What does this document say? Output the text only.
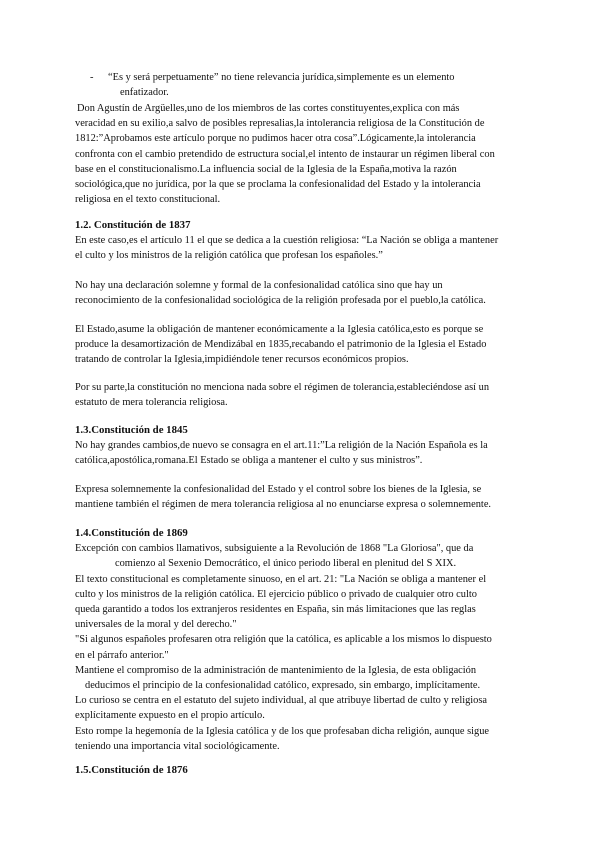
- “Es y será perpetuamente” no tiene relevancia jurídica,simplemente es un elemento
enfatizador.
Don Agustín de Argüelles,uno de los miembros de las cortes constituyentes,explica con más
veracidad en su exilio,a salvo de posibles represalias,la intolerancia religiosa de la Constitución de
1812:”Aprobamos este artículo porque no pudimos hacer otra cosa”.Lógicamente,la intolerancia
confronta con el cambio pretendido de estructura social,el intento de instaurar un régimen liberal con
base en el constitucionalismo.La influencia social de la Iglesia de la España,motiva la razón
sociológica,que no jurídica, por la que se proclama la confesionalidad del Estado y la intolerancia
religiosa en el texto constitucional.
1.2. Constitución de 1837
En este caso,es el artículo 11 el que se dedica a la cuestión religiosa: “La Nación se obliga a mantener
el culto y los ministros de la religión católica que profesan los españoles.”
No hay una declaración solemne y formal de la confesionalidad católica sino que hay un
reconocimiento de la confesionalidad sociológica de la religión profesada por el pueblo,la católica.
El Estado,asume la obligación de mantener económicamente a la Iglesia católica,esto es porque se
produce la desamortización de Mendizábal en 1835,recabando el patrimonio de la Iglesia el Estado
tratando de controlar la Iglesia,impidiéndole tener recursos económicos propios.
Por su parte,la constitución no menciona nada sobre el régimen de tolerancia,estableciéndose así un
estatuto de mera tolerancia religiosa.
1.3.Constitución de 1845
No hay grandes cambios,de nuevo se consagra en el art.11:”La religión de la Nación Española es la
católica,apostólica,romana.El Estado se obliga a mantener el culto y sus ministros”.
Expresa solemnemente la confesionalidad del Estado y el control sobre los bienes de la Iglesia, se
mantiene también el régimen de mera tolerancia religiosa al no enunciarse expresa o solemnemente.
1.4.Constitución de 1869
Excepción con cambios llamativos, subsiguiente a la Revolución de 1868 "La Gloriosa", que da
comienzo al Sexenio Democrático, el único periodo liberal en plenitud del S XIX.
El texto constitucional es completamente sinuoso, en el art. 21: "La Nación se obliga a mantener el
culto y los ministros de la religión católica. El ejercicio público o privado de cualquier otro culto
queda garantido a todos los extranjeros residentes en España, sin más limitaciones que las reglas
universales de la moral y del derecho."
"Si algunos españoles profesaren otra religión que la católica, es aplicable a los mismos lo dispuesto
en el párrafo anterior."
Mantiene el compromiso de la administración de mantenimiento de la Iglesia, de esta obligación
deducimos el principio de la confesionalidad católico, expresado, sin embargo, implícitamente.
Lo curioso se centra en el estatuto del sujeto individual, al que atribuye libertad de culto y religiosa
explícitamente expuesto en el propio artículo.
Esto rompe la hegemonía de la Iglesia católica y de los que profesaban dicha religión, aunque sigue
teniendo una importancia vital sociológicamente.
1.5.Constitución de 1876
